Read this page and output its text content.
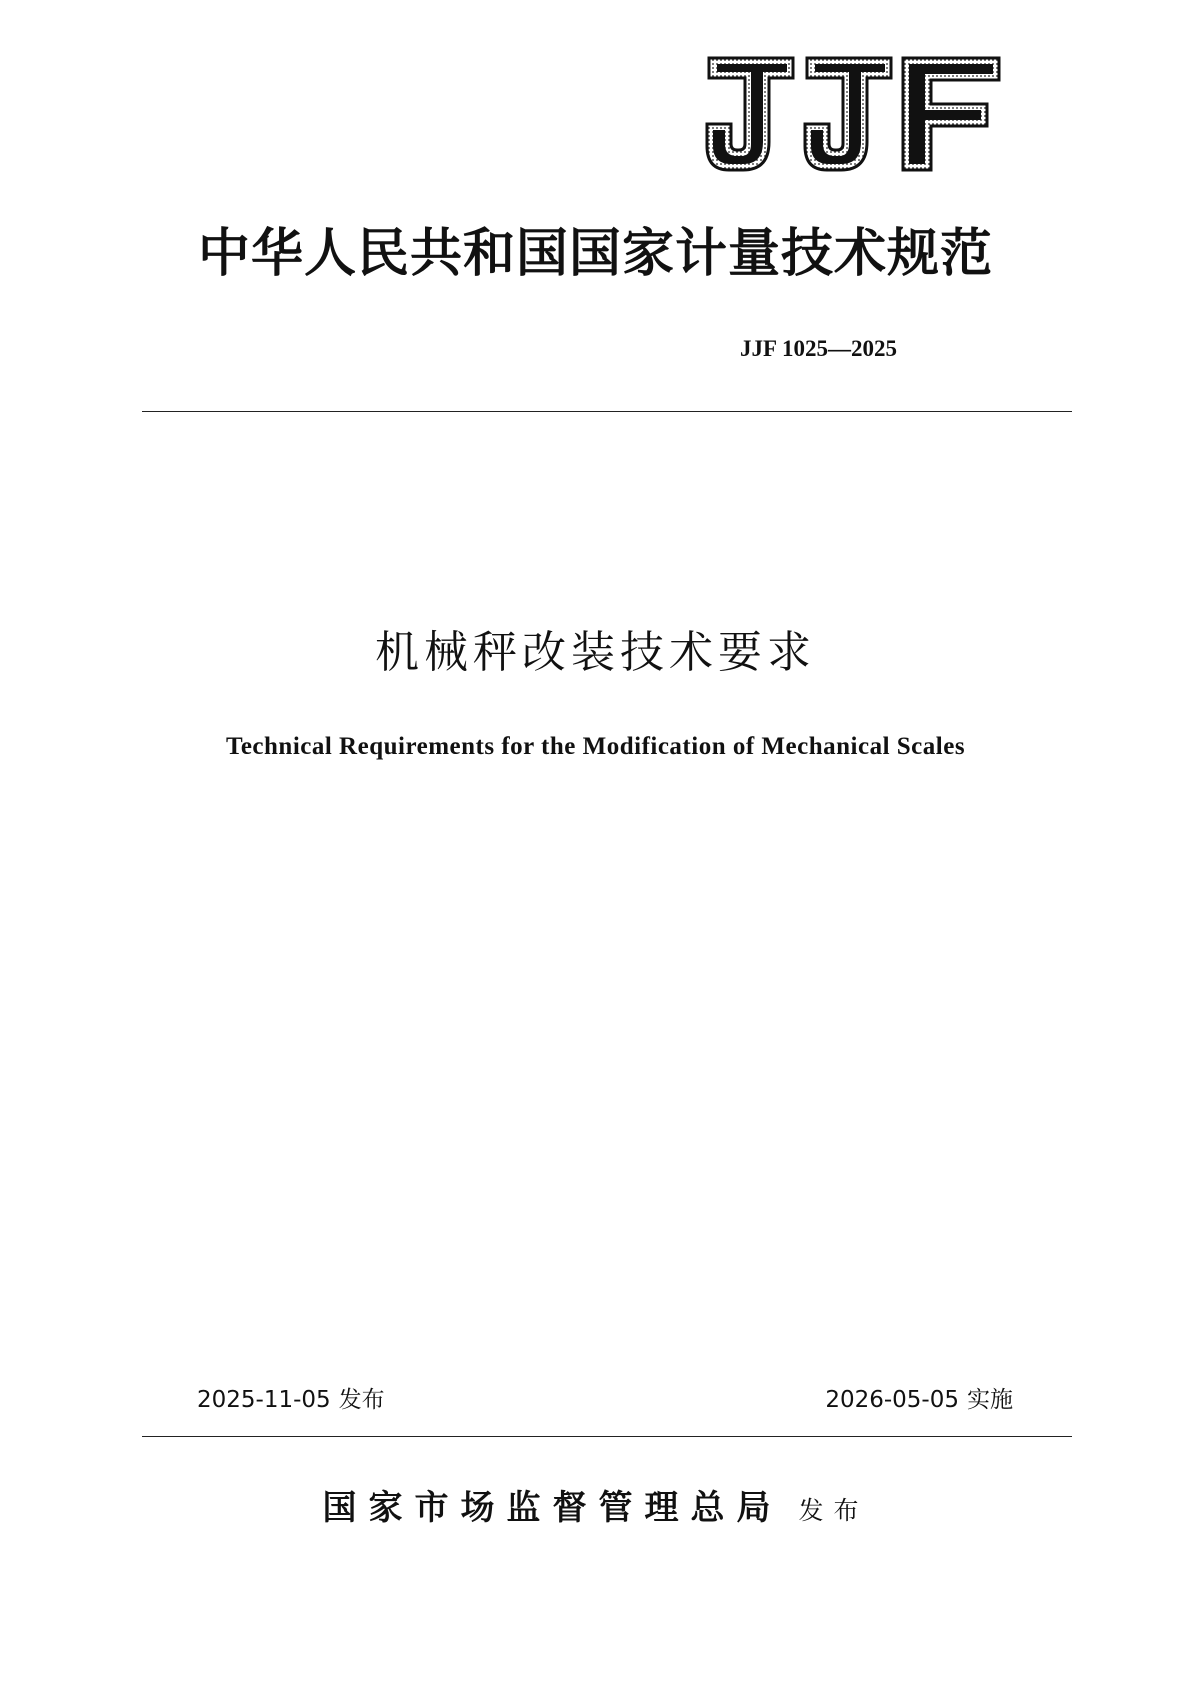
中华人民共和国国家计量技术规范
JJF 1025—2025
机械秤改装技术要求
Technical Requirements for the Modification of Mechanical Scales
2025-11-05 发布	2026-05-05 实施
国家市场监督管理总局 发布
